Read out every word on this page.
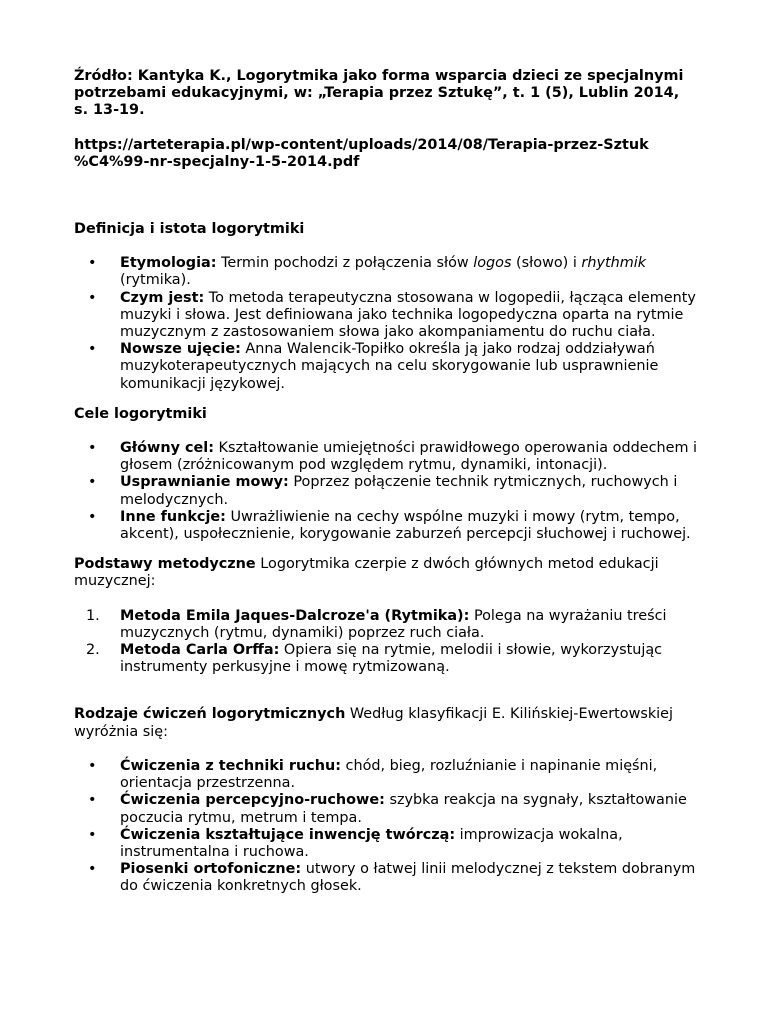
Źródło: Kantyka K., Logorytmika jako forma wsparcia dzieci ze specjalnymi potrzebami edukacyjnymi, w: „Terapia przez Sztukę”, t. 1 (5), Lublin 2014, s. 13-19.

https://arteterapia.pl/wp-content/uploads/2014/08/Terapia-przez-Sztuk
%C4%99-nr-specjalny-1-5-2014.pdf

Definicja i istota logorytmiki

•	Etymologia: Termin pochodzi z połączenia słów logos (słowo) i rhythmik (rytmika).
•	Czym jest: To metoda terapeutyczna stosowana w logopedii, łącząca elementy muzyki i słowa. Jest definiowana jako technika logopedyczna oparta na rytmie muzycznym z zastosowaniem słowa jako akompaniamentu do ruchu ciała.
•	Nowsze ujęcie: Anna Walencik-Topiłko określa ją jako rodzaj oddziaływań muzykoterapeutycznych mających na celu skorygowanie lub usprawnienie komunikacji językowej.

Cele logorytmiki

•	Główny cel: Kształtowanie umiejętności prawidłowego operowania oddechem i głosem (zróżnicowanym pod względem rytmu, dynamiki, intonacji).
•	Usprawnianie mowy: Poprzez połączenie technik rytmicznych, ruchowych i melodycznych.
•	Inne funkcje: Uwrażliwienie na cechy wspólne muzyki i mowy (rytm, tempo, akcent), uspołecznienie, korygowanie zaburzeń percepcji słuchowej i ruchowej.

Podstawy metodyczne Logorytmika czerpie z dwóch głównych metod edukacji muzycznej:

1.	Metoda Emila Jaques-Dalcroze'a (Rytmika): Polega na wyrażaniu treści muzycznych (rytmu, dynamiki) poprzez ruch ciała.
2.	Metoda Carla Orffa: Opiera się na rytmie, melodii i słowie, wykorzystując instrumenty perkusyjne i mowę rytmizowaną.

Rodzaje ćwiczeń logorytmicznych Według klasyfikacji E. Kilińskiej-Ewertowskiej wyróżnia się:

•	Ćwiczenia z techniki ruchu: chód, bieg, rozluźnianie i napinanie mięśni, orientacja przestrzenna.
•	Ćwiczenia percepcyjno-ruchowe: szybka reakcja na sygnały, kształtowanie poczucia rytmu, metrum i tempa.
•	Ćwiczenia kształtujące inwencję twórczą: improwizacja wokalna, instrumentalna i ruchowa.
•	Piosenki ortofoniczne: utwory o łatwej linii melodycznej z tekstem dobranym do ćwiczenia konkretnych głosek.
